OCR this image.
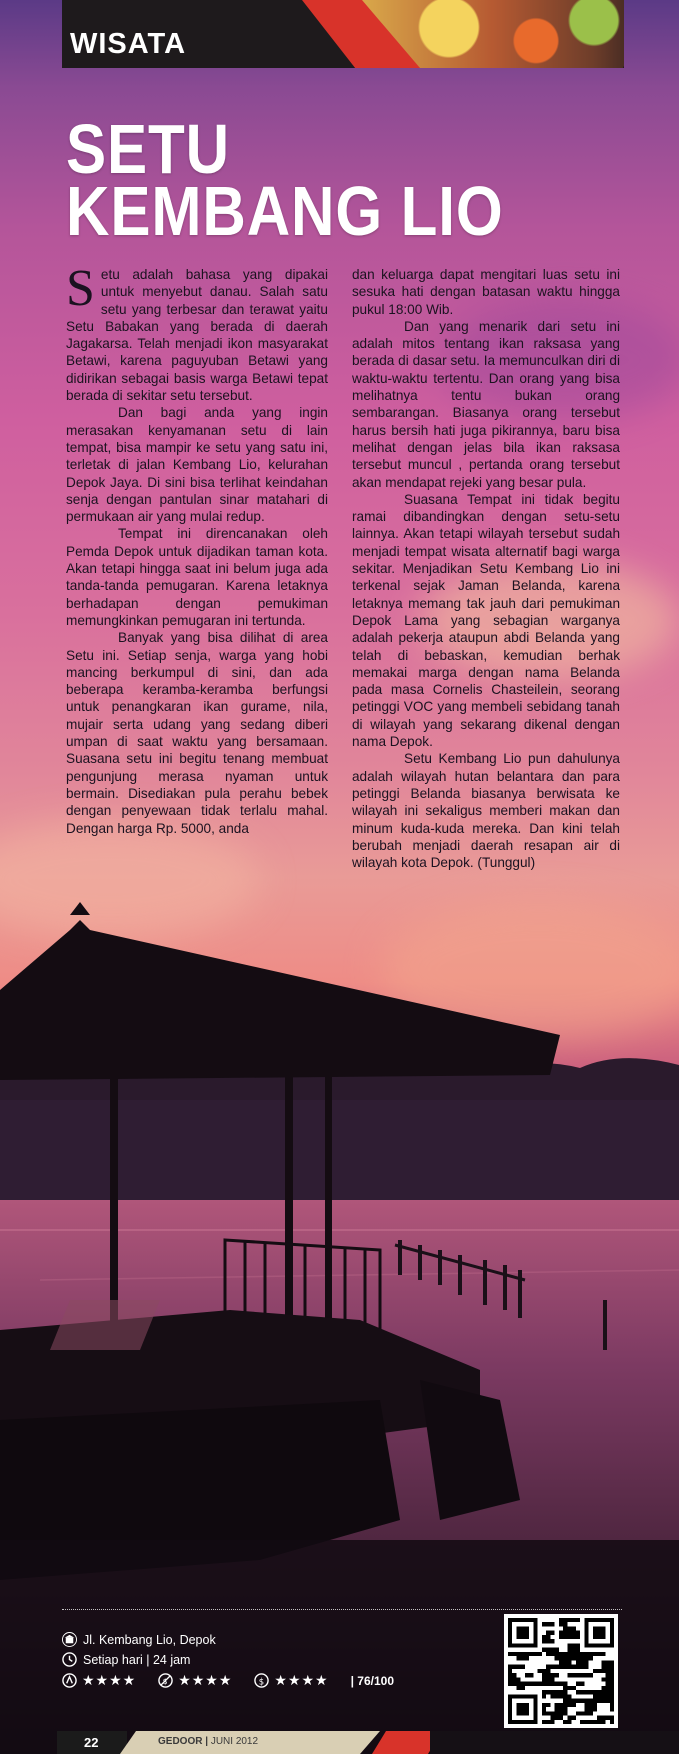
WISATA
SETU
KEMBANG LIO

Setu adalah bahasa yang dipakai untuk menyebut danau. Salah satu setu yang terbesar dan terawat yaitu Setu Babakan yang berada di daerah Jagakarsa. Telah menjadi ikon masyarakat Betawi, karena paguyuban Betawi yang didirikan sebagai basis warga Betawi tepat berada di sekitar setu tersebut.

Dan bagi anda yang ingin merasakan kenyamanan setu di lain tempat, bisa mampir ke setu yang satu ini, terletak di jalan Kembang Lio, kelurahan Depok Jaya. Di sini bisa terlihat keindahan senja dengan pantulan sinar matahari di permukaan air yang mulai redup.

Tempat ini direncanakan oleh Pemda Depok untuk dijadikan taman kota. Akan tetapi hingga saat ini belum juga ada tanda-tanda pemugaran. Karena letaknya berhadapan dengan pemukiman memungkinkan pemugaran ini tertunda.

Banyak yang bisa dilihat di area Setu ini. Setiap senja, warga yang hobi mancing berkumpul di sini, dan ada beberapa keramba-keramba berfungsi untuk penangkaran ikan gurame, nila, mujair serta udang yang sedang diberi umpan di saat waktu yang bersamaan. Suasana setu ini begitu tenang membuat pengunjung merasa nyaman untuk bermain. Disediakan pula perahu bebek dengan penyewaan tidak terlalu mahal. Dengan harga Rp. 5000, anda

dan keluarga dapat mengitari luas setu ini sesuka hati dengan batasan waktu hingga pukul 18:00 Wib.

Dan yang menarik dari setu ini adalah mitos tentang ikan raksasa yang berada di dasar setu. Ia memunculkan diri di waktu-waktu tertentu. Dan orang yang bisa melihatnya tentu bukan orang sembarangan. Biasanya orang tersebut harus bersih hati juga pikirannya, baru bisa melihat dengan jelas bila ikan raksasa tersebut muncul , pertanda orang tersebut akan mendapat rejeki yang besar pula.

Suasana Tempat ini tidak begitu ramai dibandingkan dengan setu-setu lainnya. Akan tetapi wilayah tersebut sudah menjadi tempat wisata alternatif bagi warga sekitar. Menjadikan Setu Kembang Lio ini terkenal sejak Jaman Belanda, karena letaknya memang tak jauh dari pemukiman Depok Lama yang sebagian warganya adalah pekerja ataupun abdi Belanda yang telah di bebaskan, kemudian berhak memakai marga dengan nama Belanda pada masa Cornelis Chasteilein, seorang petinggi VOC yang membeli sebidang tanah di wilayah yang sekarang dikenal dengan nama Depok.

Setu Kembang Lio pun dahulunya adalah wilayah hutan belantara dan para petinggi Belanda biasanya berwisata ke wilayah ini sekaligus memberi makan dan minum kuda-kuda mereka. Dan kini telah berubah menjadi daerah resapan air di wilayah kota Depok. (Tunggul)

Jl. Kembang Lio, Depok
Setiap hari | 24 jam
★★★★	$ ★★★★	$ ★★★★ | 76/100
22	GEDOOR | JUNI 2012
